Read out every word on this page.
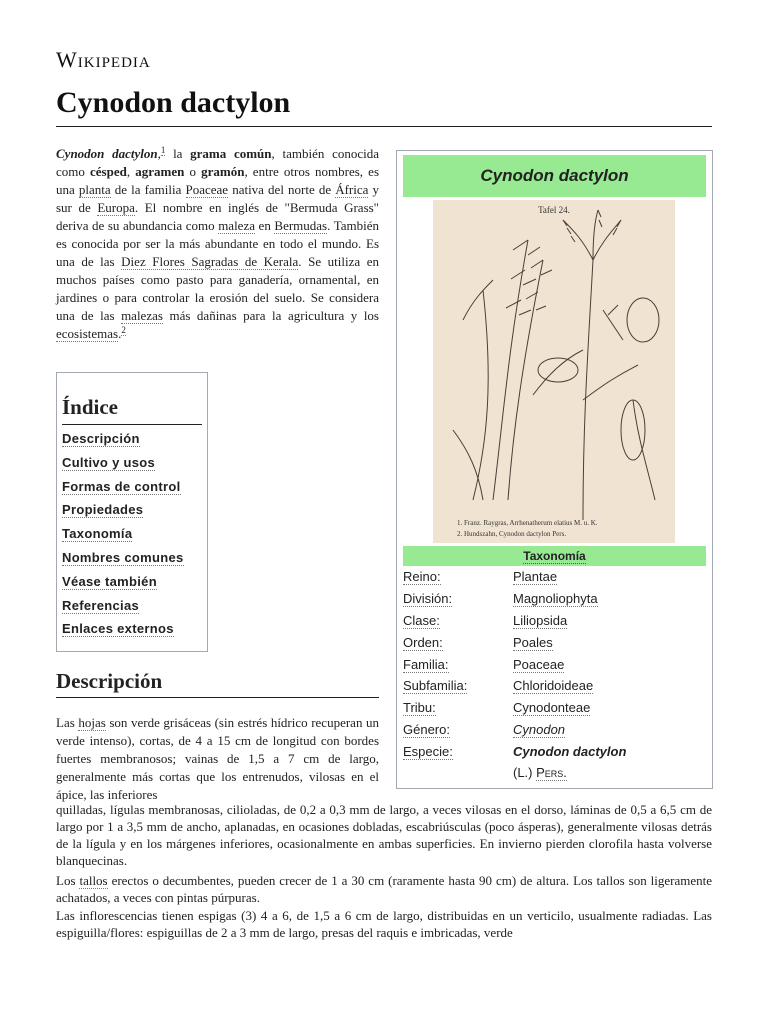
Wikipedia
Cynodon dactylon
Cynodon dactylon,$^1$ la grama común, también conocida como césped, agramen o gramón, entre otros nombres, es una planta de la familia Poaceae nativa del norte de África y sur de Europa. El nombre en inglés de "Bermuda Grass" deriva de su abundancia como maleza en Bermudas. También es conocida por ser la más abundante en todo el mundo. Es una de las Diez Flores Sagradas de Kerala. Se utiliza en muchos países como pasto para ganadería, ornamental, en jardines o para controlar la erosión del suelo. Se considera una de las malezas más dañinas para la agricultura y los ecosistemas.$^2$
Índice
Descripción
Cultivo y usos
Formas de control
Propiedades
Taxonomía
Nombres comunes
Véase también
Referencias
Enlaces externos
Descripción
Las hojas son verde grisáceas (sin estrés hídrico recuperan un verde intenso), cortas, de 4 a 15 cm de longitud con bordes fuertes membranosos; vainas de 1,5 a 7 cm de largo, generalmente más cortas que los entrenudos, vilosas en el ápice, las inferiores
quilladas, lígulas membranosas, cilioladas, de 0,2 a 0,3 mm de largo, a veces vilosas en el dorso, láminas de 0,5 a 6,5 cm de largo por 1 a 3,5 mm de ancho, aplanadas, en ocasiones dobladas, escabriúsculas (poco ásperas), generalmente vilosas detrás de la lígula y en los márgenes inferiores, ocasionalmente en ambas superficies. En invierno pierden clorofila hasta volverse blanquecinas.
Los tallos erectos o decumbentes, pueden crecer de 1 a 30 cm (raramente hasta 90 cm) de altura. Los tallos son ligeramente achatados, a veces con pintas púrpuras.
Las inflorescencias tienen espigas (3) 4 a 6, de 1,5 a 6 cm de largo, distribuidas en un verticilo, usualmente radiadas. Las espiguilla/flores: espiguillas de 2 a 3 mm de largo, presas del raquis e imbricadas, verde
Cynodon dactylon
Tafel 24.
1. Franz. Raygras, Arrhenatherum elatius M. u. K.
2. Hundszahn, Cynodon dactylon Pers.
Taxonomía
Reino:	Plantae
División:	Magnoliophyta
Clase:	Liliopsida
Orden:	Poales
Familia:	Poaceae
Subfamilia:	Chloridoideae
Tribu:	Cynodonteae
Género:	Cynodon
Especie:	Cynodon dactylon
(L.) Pers.
